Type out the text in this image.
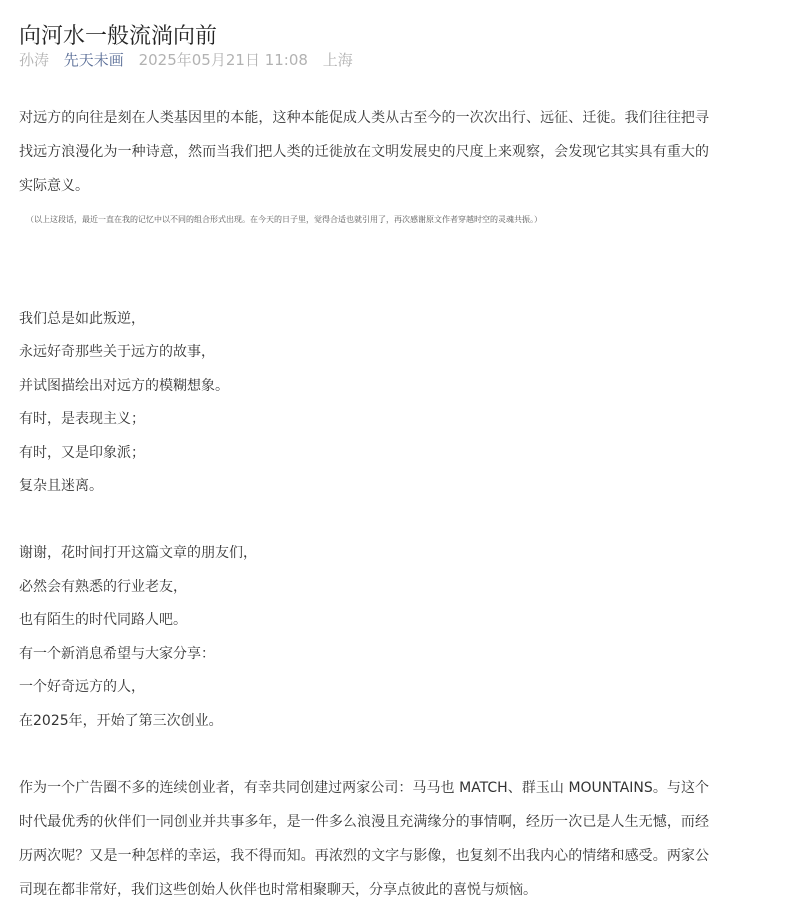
向河水一般流淌向前
孙涛 先天未画 2025年05月21日 11:08 上海

对远方的向往是刻在人类基因里的本能，这种本能促成人类从古至今的一次次出行、远征、迁徙。我们往往把寻找远方浪漫化为一种诗意，然而当我们把人类的迁徙放在文明发展史的尺度上来观察，会发现它其实具有重大的实际意义。

（以上这段话，最近一直在我的记忆中以不同的组合形式出现。在今天的日子里，觉得合适也就引用了，再次感谢原文作者穿越时空的灵魂共振。）

我们总是如此叛逆，

永远好奇那些关于远方的故事，

并试图描绘出对远方的模糊想象。

有时，是表现主义；

有时，又是印象派；

复杂且迷离。

谢谢，花时间打开这篇文章的朋友们，

必然会有熟悉的行业老友，

也有陌生的时代同路人吧。

有一个新消息希望与大家分享：

一个好奇远方的人，

在2025年，开始了第三次创业。

作为一个广告圈不多的连续创业者，有幸共同创建过两家公司：马马也 MATCH、群玉山 MOUNTAINS。与这个时代最优秀的伙伴们一同创业并共事多年，是一件多么浪漫且充满缘分的事情啊，经历一次已是人生无憾，而经历两次呢？又是一种怎样的幸运，我不得而知。再浓烈的文字与影像，也复刻不出我内心的情绪和感受。两家公司现在都非常好，我们这些创始人伙伴也时常相聚聊天，分享点彼此的喜悦与烦恼。
